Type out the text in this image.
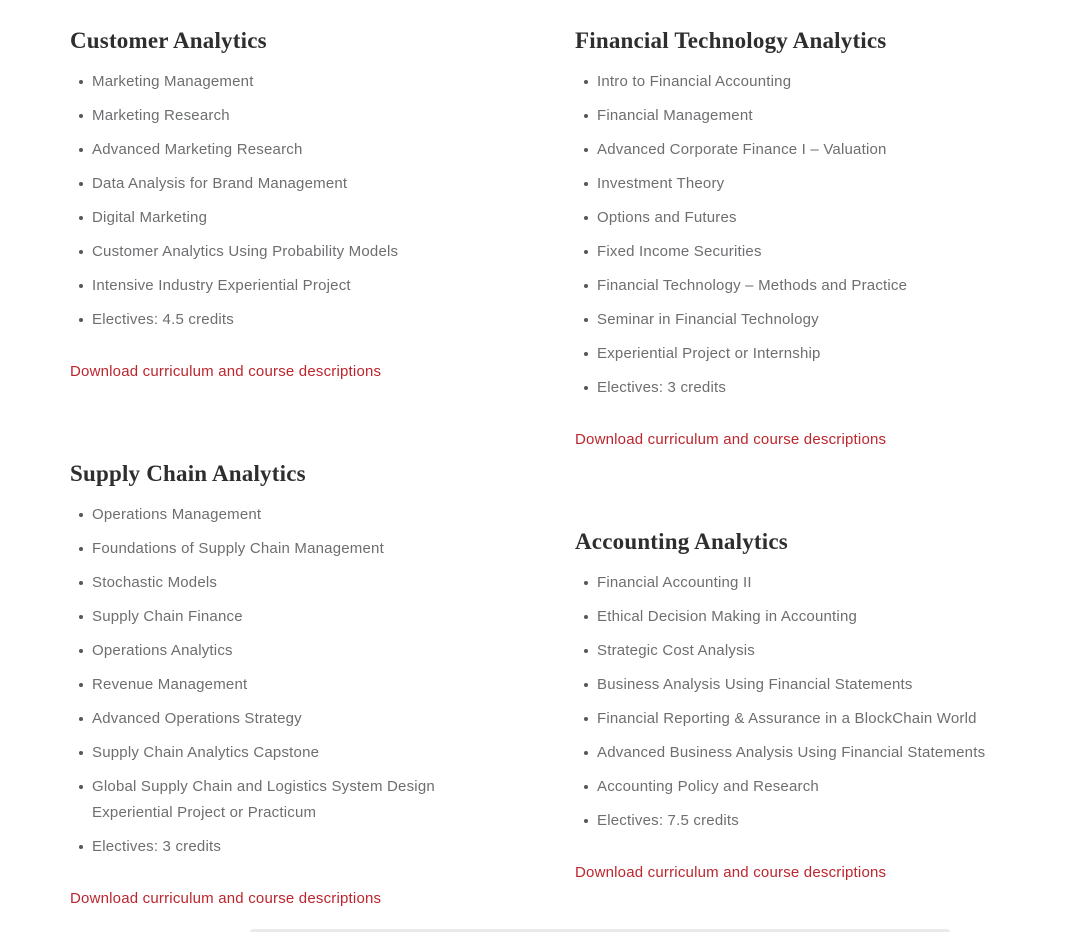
Customer Analytics
Marketing Management
Marketing Research
Advanced Marketing Research
Data Analysis for Brand Management
Digital Marketing
Customer Analytics Using Probability Models
Intensive Industry Experiential Project
Electives: 4.5 credits
Download curriculum and course descriptions
Supply Chain Analytics
Operations Management
Foundations of Supply Chain Management
Stochastic Models
Supply Chain Finance
Operations Analytics
Revenue Management
Advanced Operations Strategy
Supply Chain Analytics Capstone
Global Supply Chain and Logistics System Design Experiential Project or Practicum
Electives: 3 credits
Download curriculum and course descriptions
Financial Technology Analytics
Intro to Financial Accounting
Financial Management
Advanced Corporate Finance I – Valuation
Investment Theory
Options and Futures
Fixed Income Securities
Financial Technology – Methods and Practice
Seminar in Financial Technology
Experiential Project or Internship
Electives: 3 credits
Download curriculum and course descriptions
Accounting Analytics
Financial Accounting II
Ethical Decision Making in Accounting
Strategic Cost Analysis
Business Analysis Using Financial Statements
Financial Reporting & Assurance in a BlockChain World
Advanced Business Analysis Using Financial Statements
Accounting Policy and Research
Electives: 7.5 credits
Download curriculum and course descriptions
